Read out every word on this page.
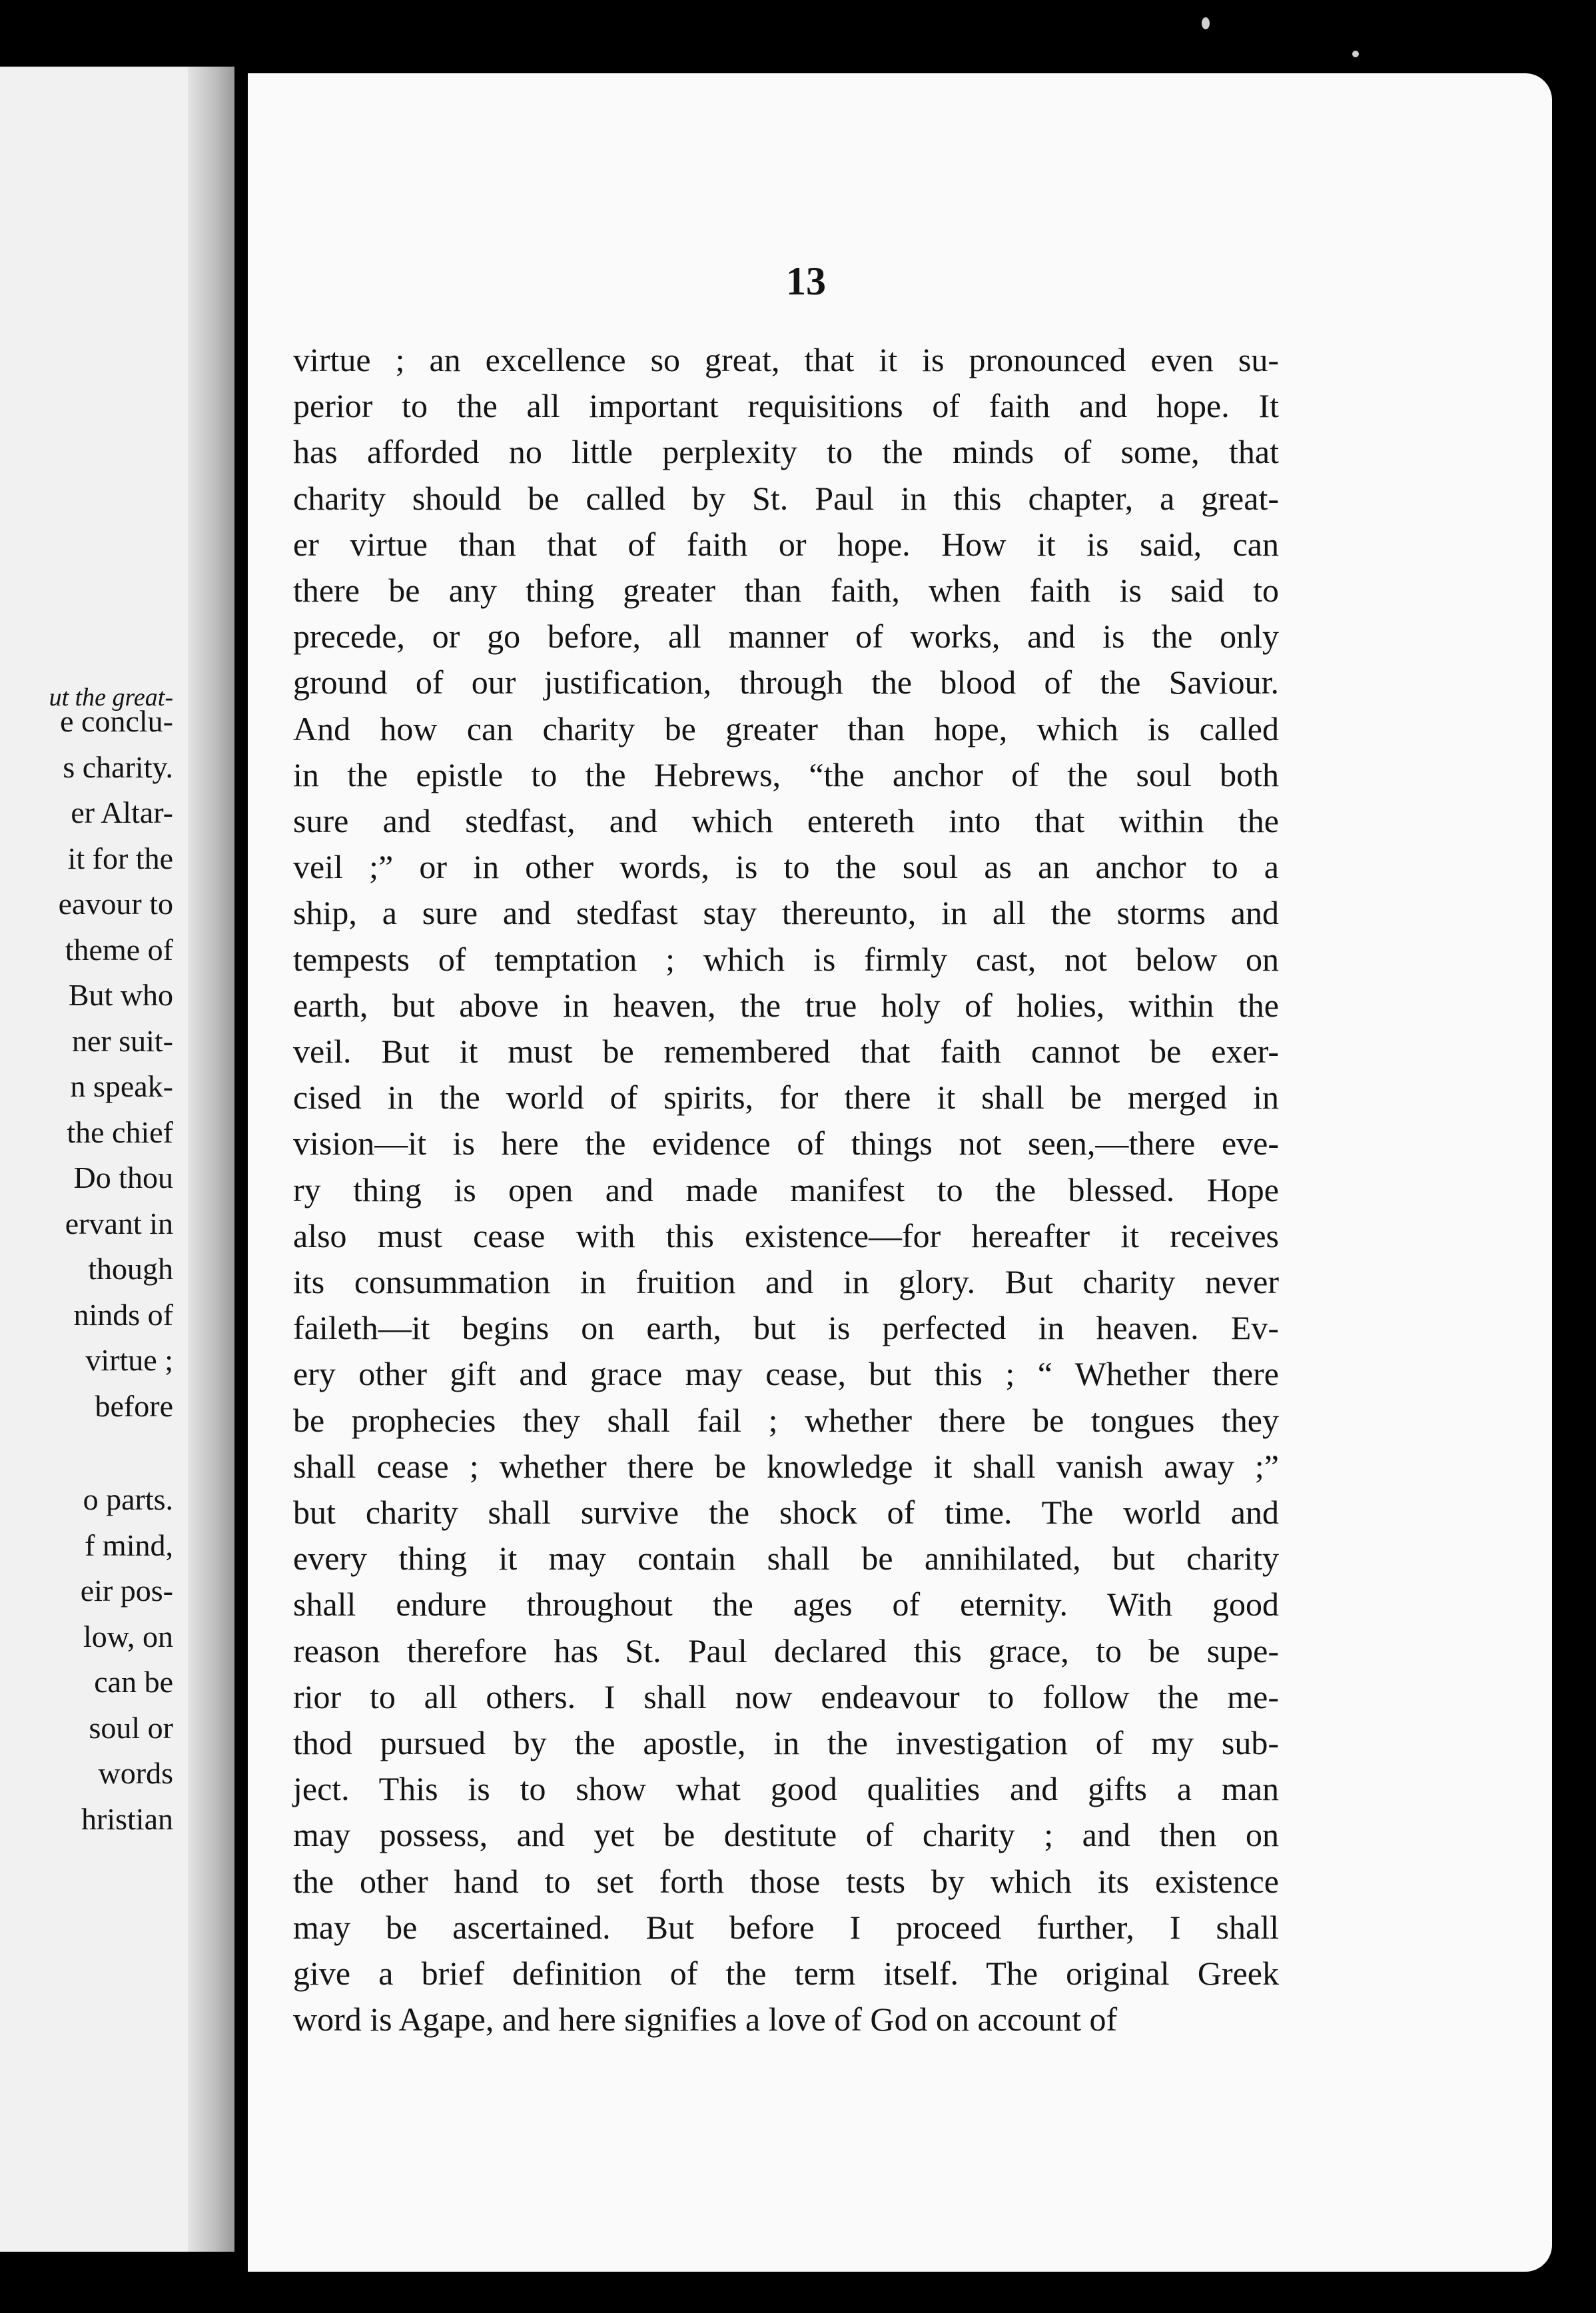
ut the great-
e conclu-
s charity.
er Altar-
it for the
eavour to
theme of
But who
ner suit-
n speak-
the chief
Do thou
ervant in
though
ninds of
virtue ;
before
o parts.
f mind,
eir pos-
low, on
can be
soul or
words
hristian
13
virtue ; an excellence so great, that it is pronounced even su-
perior to the all important requisitions of faith and hope. It
has afforded no little perplexity to the minds of some, that
charity should be called by St. Paul in this chapter, a great-
er virtue than that of faith or hope. How it is said, can
there be any thing greater than faith, when faith is said to
precede, or go before, all manner of works, and is the only
ground of our justification, through the blood of the Saviour.
And how can charity be greater than hope, which is called
in the epistle to the Hebrews, “the anchor of the soul both
sure and stedfast, and which entereth into that within the
veil ;” or in other words, is to the soul as an anchor to a
ship, a sure and stedfast stay thereunto, in all the storms and
tempests of temptation ; which is firmly cast, not below on
earth, but above in heaven, the true holy of holies, within the
veil. But it must be remembered that faith cannot be exer-
cised in the world of spirits, for there it shall be merged in
vision—it is here the evidence of things not seen,—there eve-
ry thing is open and made manifest to the blessed. Hope
also must cease with this existence—for hereafter it receives
its consummation in fruition and in glory. But charity never
faileth—it begins on earth, but is perfected in heaven. Ev-
ery other gift and grace may cease, but this ; “ Whether there
be prophecies they shall fail ; whether there be tongues they
shall cease ; whether there be knowledge it shall vanish away ;”
but charity shall survive the shock of time. The world and
every thing it may contain shall be annihilated, but charity
shall endure throughout the ages of eternity. With good
reason therefore has St. Paul declared this grace, to be supe-
rior to all others. I shall now endeavour to follow the me-
thod pursued by the apostle, in the investigation of my sub-
ject. This is to show what good qualities and gifts a man
may possess, and yet be destitute of charity ; and then on
the other hand to set forth those tests by which its existence
may be ascertained. But before I proceed further, I shall
give a brief definition of the term itself. The original Greek
word is Agape, and here signifies a love of God on account of
